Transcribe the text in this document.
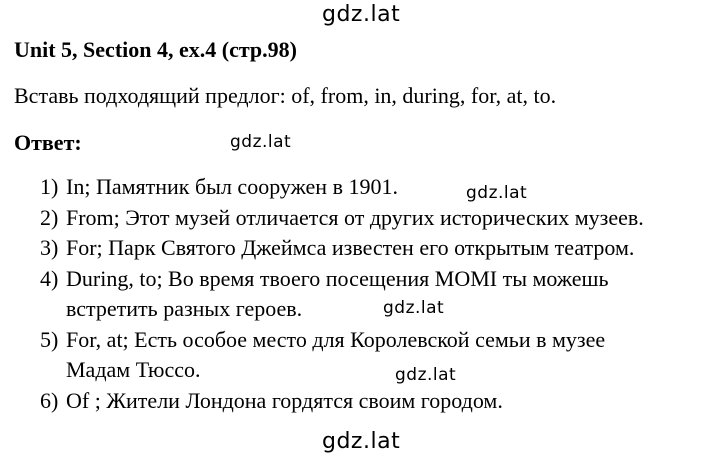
gdz.lat
Unit 5, Section 4, ex.4 (стр.98)
Вставь подходящий предлог: of, from, in, during, for, at, to.
Ответ:	gdz.lat
1) In; Памятник был сооружен в 1901.
2) From; Этот музей отличается от других исторических музеев.
3) For; Парк Святого Джеймса известен его открытым театром.
4) During, to; Во время твоего посещения MOMI ты можешь
встретить разных героев.
5) For, at; Есть особое место для Королевской семьи в музее
Мадам Тюссо.
6) Of ; Жители Лондона гордятся своим городом.
gdz.lat
gdz.lat
gdz.lat
gdz.lat
